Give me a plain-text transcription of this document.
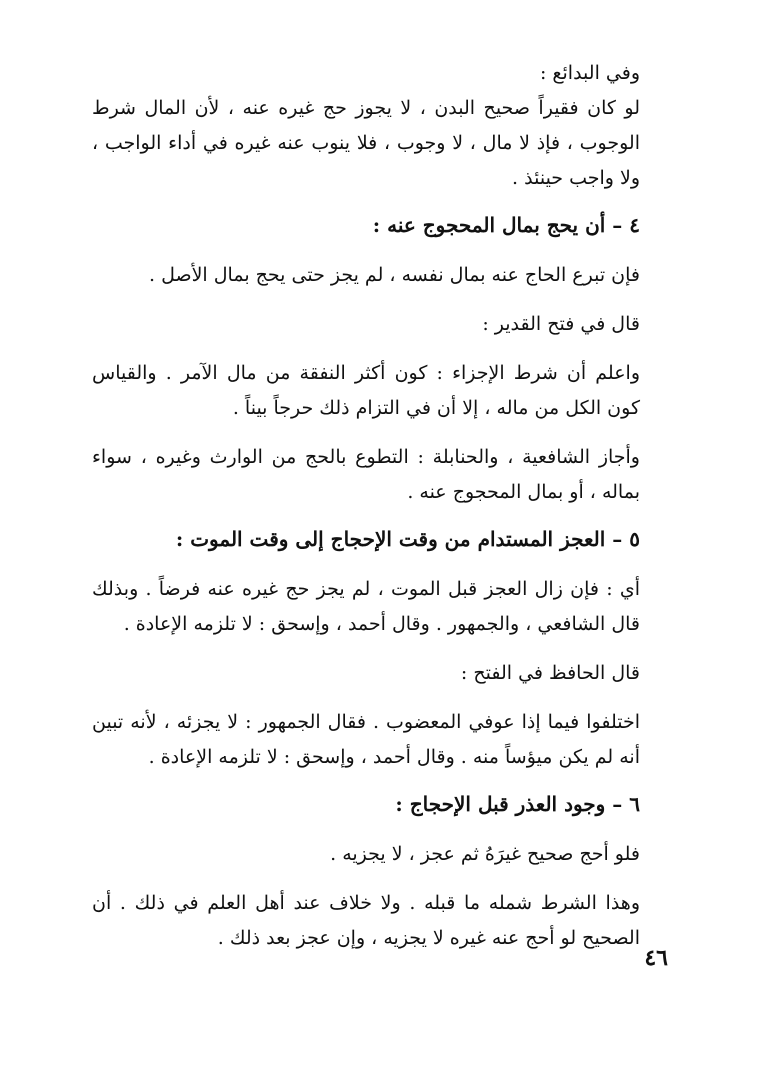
وفي البدائع :

لو كان فقيراً صحيح البدن ، لا يجوز حج غيره عنه ، لأن المال شرط الوجوب ، فإذ لا مال ، لا وجوب ، فلا ينوب عنه غيره في أداء الواجب ، ولا واجب حينئذ .

٤ – أن يحج بمال المحجوج عنه :

فإن تبرع الحاج عنه بمال نفسه ، لم يجز حتى يحج بمال الأصل .

قال في فتح القدير :

واعلم أن شرط الإجزاء : كون أكثر النفقة من مال الآمر . والقياس كون الكل من ماله ، إلا أن في التزام ذلك حرجاً بيناً .

وأجاز الشافعية ، والحنابلة : التطوع بالحج من الوارث وغيره ، سواء بماله ، أو بمال المحجوج عنه .

٥ – العجز المستدام من وقت الإحجاج إلى وقت الموت :

أي : فإن زال العجز قبل الموت ، لم يجز حج غيره عنه فرضاً . وبذلك قال الشافعي ، والجمهور . وقال أحمد ، وإسحق : لا تلزمه الإعادة .

قال الحافظ في الفتح :

اختلفوا فيما إذا عوفي المعضوب . فقال الجمهور : لا يجزئه ، لأنه تبين أنه لم يكن ميؤساً منه . وقال أحمد ، وإسحق : لا تلزمه الإعادة .

٦ – وجود العذر قبل الإحجاج :

فلو أحج صحيح غيرَهُ ثم عجز ، لا يجزيه .

وهذا الشرط شمله ما قبله . ولا خلاف عند أهل العلم في ذلك . أن الصحيح لو أحج عنه غيره لا يجزيه ، وإن عجز بعد ذلك .

٤٦
